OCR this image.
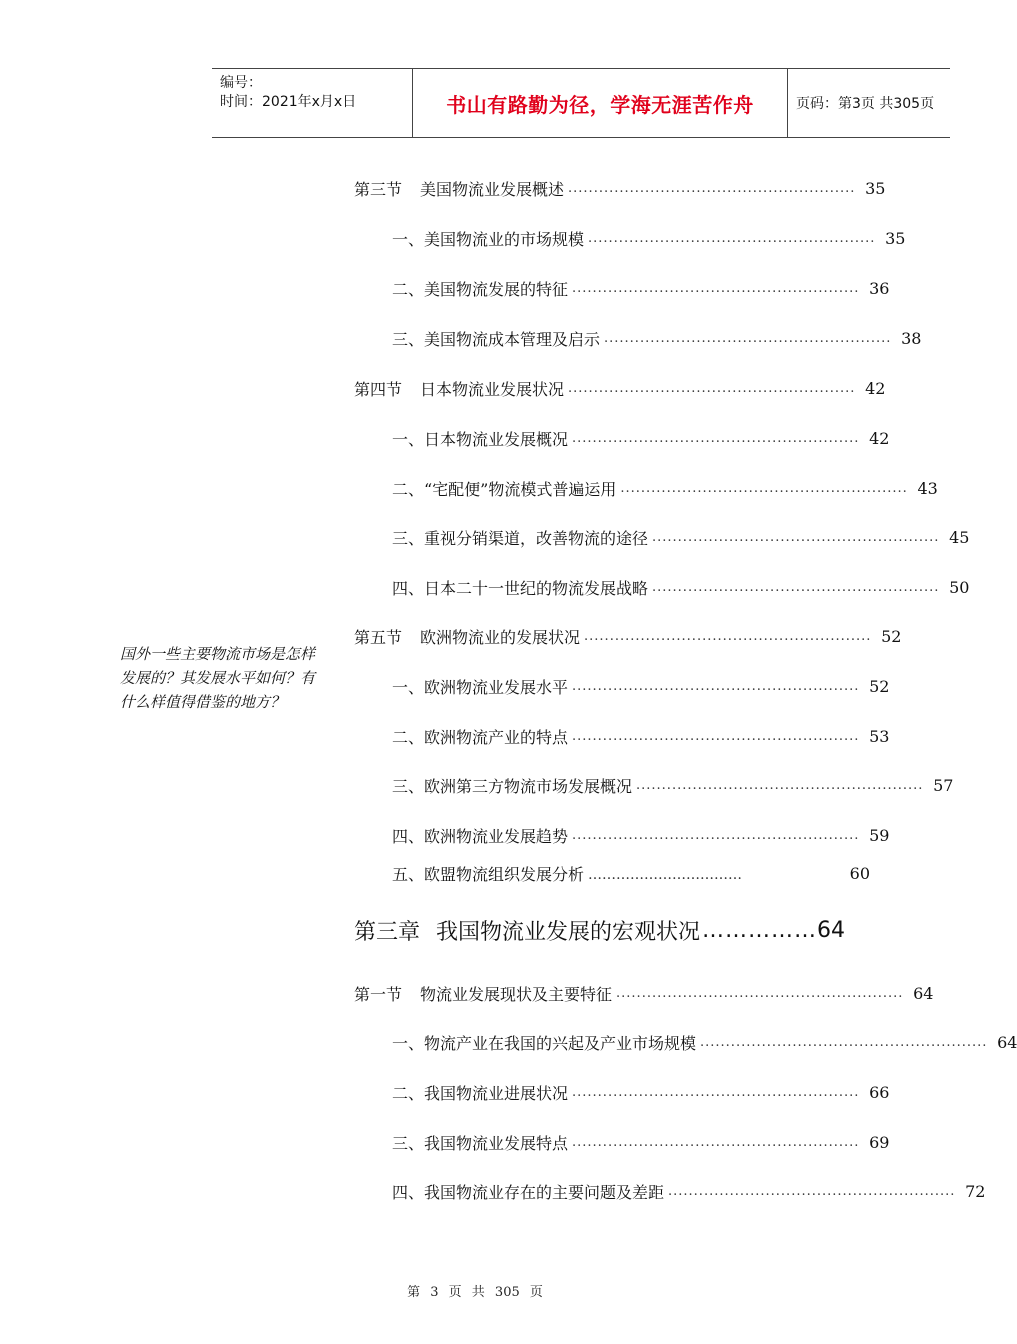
编号：
时间：2021年x月x日	书山有路勤为径，学海无涯苦作舟	页码：第3页 共305页
国外一些主要物流市场是怎样发展的？其发展水平如何？有什么样值得借鉴的地方？
第三节 美国物流业发展概述 ........................................................ 35
一、美国物流业的市场规模 ........................................................ 35
二、美国物流发展的特征 ........................................................ 36
三、美国物流成本管理及启示 ........................................................ 38
第四节 日本物流业发展状况 ........................................................ 42
一、日本物流业发展概况 ........................................................ 42
二、“宅配便”物流模式普遍运用 ........................................................ 43
三、重视分销渠道，改善物流的途径 ........................................................ 45
四、日本二十一世纪的物流发展战略 ........................................................ 50
第五节 欧洲物流业的发展状况 ........................................................ 52
一、欧洲物流业发展水平 ........................................................ 52
二、欧洲物流产业的特点 ........................................................ 53
三、欧洲第三方物流市场发展概况 ........................................................ 57
四、欧洲物流业发展趋势 ........................................................ 59
五、欧盟物流组织发展分析 ……………………………	60
第三章 我国物流业发展的宏观状况 …………… 64
第一节 物流业发展现状及主要特征 ........................................................ 64
一、物流产业在我国的兴起及产业市场规模 ........................................................ 64
二、我国物流业进展状况 ........................................................ 66
三、我国物流业发展特点 ........................................................ 69
四、我国物流业存在的主要问题及差距 ........................................................ 72
第 3 页 共 305 页
